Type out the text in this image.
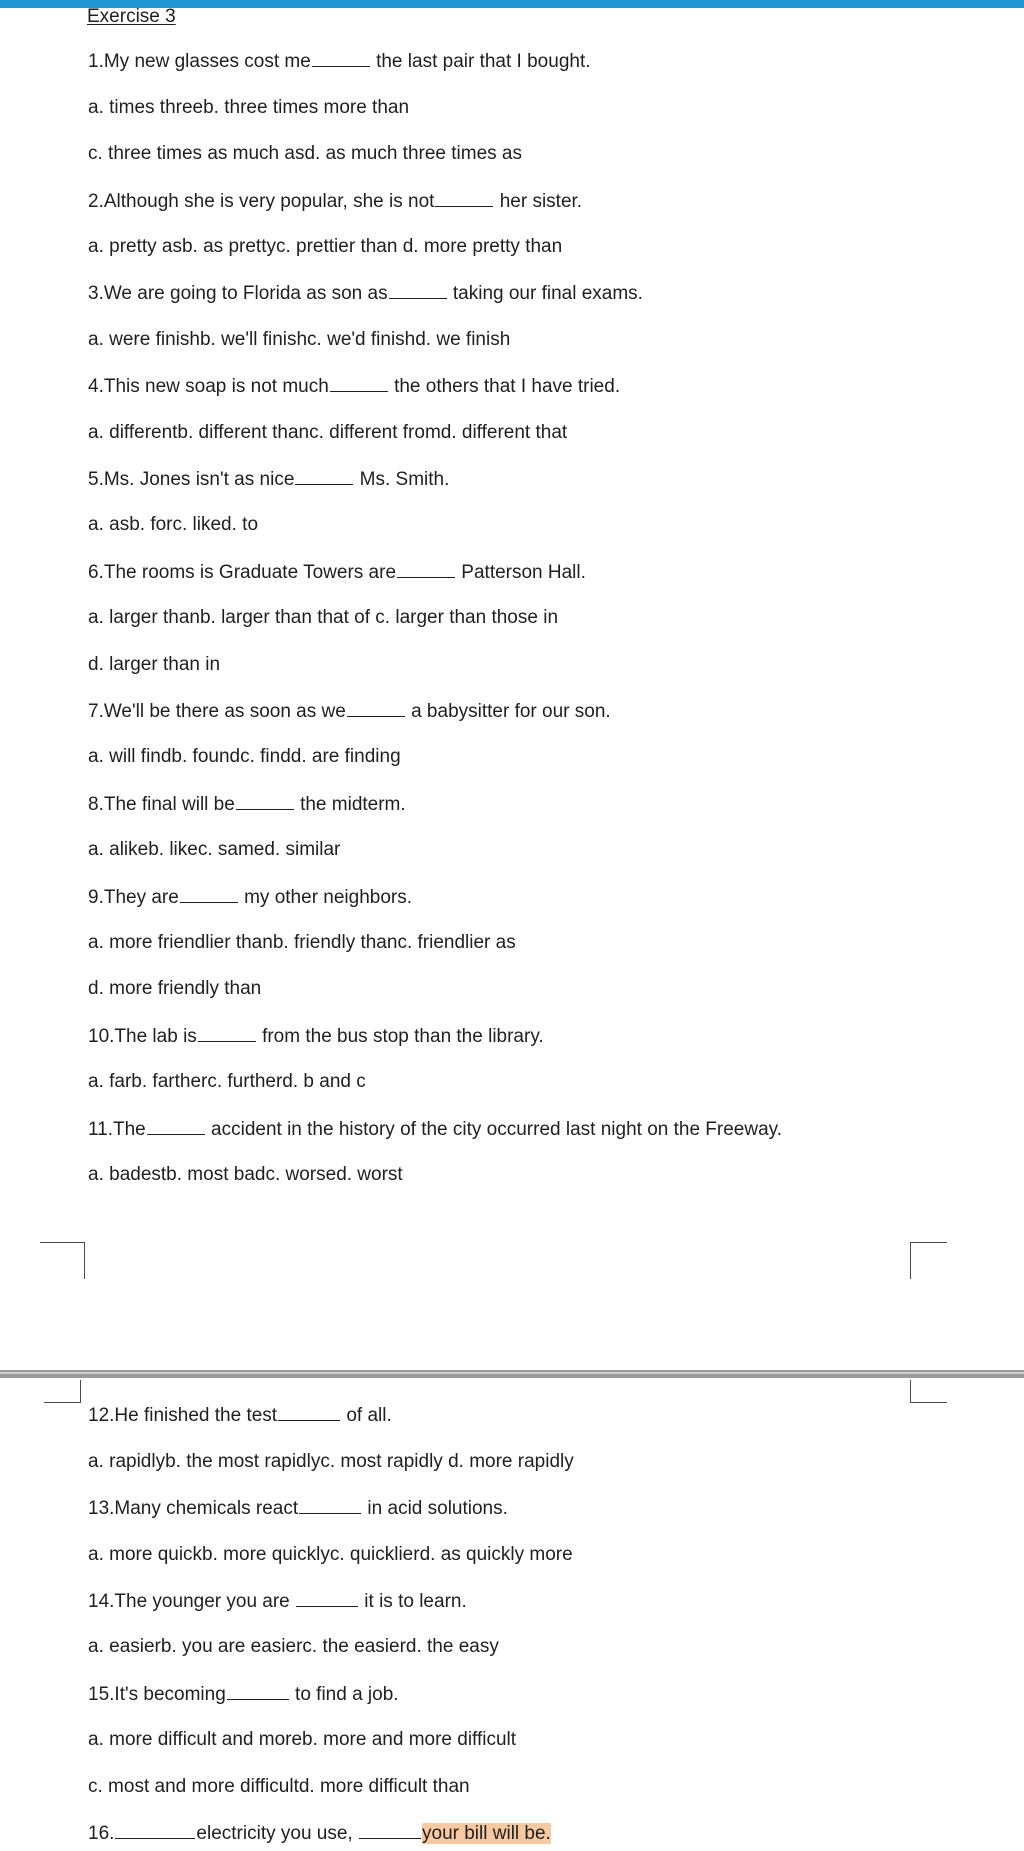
Exercise 3
1.My new glasses cost me	the last pair that I bought.
a. times threeb. three times more than
c. three times as much asd. as much three times as
2.Although she is very popular, she is not	her sister.
a. pretty asb. as prettyc. prettier than d. more pretty than
3.We are going to Florida as son as	taking our final exams.
a. were finishb. we'll finishc. we'd finishd. we finish
4.This new soap is not much	the others that I have tried.
a. differentb. different thanc. different fromd. different that
5.Ms. Jones isn't as nice	Ms. Smith.
a. asb. forc. liked. to
6.The rooms is Graduate Towers are	Patterson Hall.
a. larger thanb. larger than that of c. larger than those in
d. larger than in
7.We'll be there as soon as we	a babysitter for our son.
a. will findb. foundc. findd. are finding
8.The final will be	the midterm.
a. alikeb. likec. samed. similar
9.They are	my other neighbors.
a. more friendlier thanb. friendly thanc. friendlier as
d. more friendly than
10.The lab is	from the bus stop than the library.
a. farb. fartherc. furtherd. b and c
11.The	accident in the history of the city occurred last night on the Freeway.
a. badestb. most badc. worsed. worst
12.He finished the test	of all.
a. rapidlyb. the most rapidlyc. most rapidly d. more rapidly
13.Many chemicals react	in acid solutions.
a. more quickb. more quicklyc. quicklierd. as quickly more
14.The younger you are	it is to learn.
a. easierb. you are easierc. the easierd. the easy
15.It's becoming	to find a job.
a. more difficult and moreb. more and more difficult
c. most and more difficultd. more difficult than
16.	electricity you use,	your bill will be.
